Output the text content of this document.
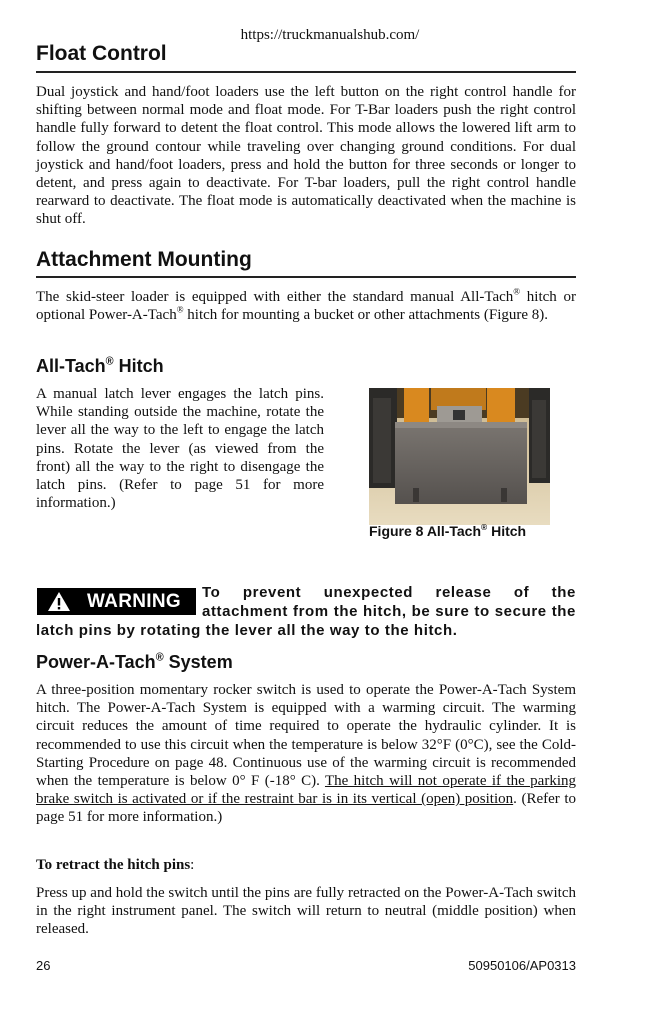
https://truckmanualshub.com/
Float Control
Dual joystick and hand/foot loaders use the left button on the right control handle for shifting between normal mode and float mode. For T-Bar loaders push the right control handle fully forward to detent the float control. This mode allows the lowered lift arm to follow the ground contour while traveling over changing ground conditions. For dual joystick and hand/foot loaders, press and hold the button for three seconds or longer to detent, and press again to deactivate. For T-bar loaders, pull the right control handle rearward to deactivate. The float mode is automatically deactivated when the machine is shut off.
Attachment Mounting
The skid-steer loader is equipped with either the standard manual All-Tach® hitch or optional Power-A-Tach® hitch for mounting a bucket or other attachments (Figure 8).
All-Tach® Hitch
A manual latch lever engages the latch pins. While standing outside the machine, rotate the lever all the way to the left to engage the latch pins. Rotate the lever (as viewed from the front) all the way to the right to disengage the latch pins. (Refer to page 51 for more information.)
Figure 8 All-Tach® Hitch
To prevent unexpected release of the attachment from the hitch, be sure to secure the latch pins by rotating the lever all the way to the hitch.
WARNING
Power-A-Tach® System
A three-position momentary rocker switch is used to operate the Power-A-Tach System hitch. The Power-A-Tach System is equipped with a warming circuit. The warming circuit reduces the amount of time required to operate the hydraulic cylinder. It is recommended to use this circuit when the temperature is below 32°F (0°C), see the Cold-Starting Procedure on page 48. Continuous use of the warming circuit is recommended when the temperature is below 0° F (-18° C). The hitch will not operate if the parking brake switch is activated or if the restraint bar is in its vertical (open) position. (Refer to page 51 for more information.)
To retract the hitch pins:
Press up and hold the switch until the pins are fully retracted on the Power-A-Tach switch in the right instrument panel. The switch will return to neutral (middle position) when released.
26	50950106/AP0313
